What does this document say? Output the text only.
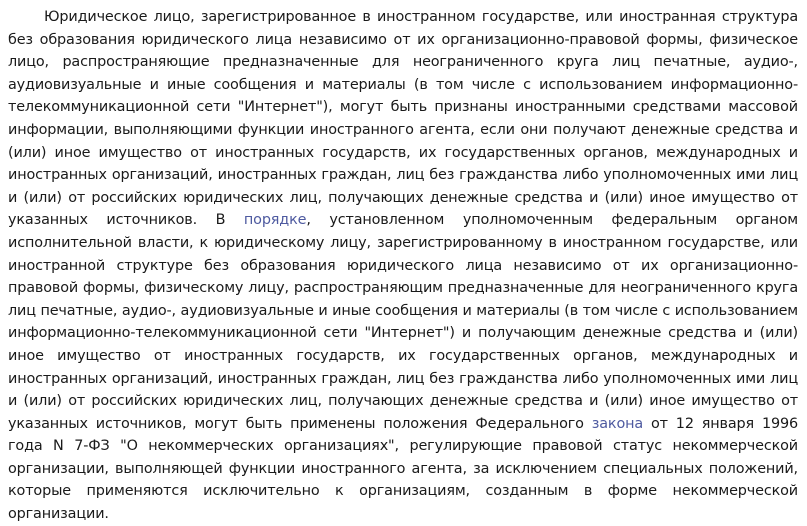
Юридическое лицо, зарегистрированное в иностранном государстве, или иностранная структура без образования юридического лица независимо от их организационно-правовой формы, физическое лицо, распространяющие предназначенные для неограниченного круга лиц печатные, аудио-, аудиовизуальные и иные сообщения и материалы (в том числе с использованием информационно-телекоммуникационной сети "Интернет"), могут быть признаны иностранными средствами массовой информации, выполняющими функции иностранного агента, если они получают денежные средства и (или) иное имущество от иностранных государств, их государственных органов, международных и иностранных организаций, иностранных граждан, лиц без гражданства либо уполномоченных ими лиц и (или) от российских юридических лиц, получающих денежные средства и (или) иное имущество от указанных источников. В порядке, установленном уполномоченным федеральным органом исполнительной власти, к юридическому лицу, зарегистрированному в иностранном государстве, или иностранной структуре без образования юридического лица независимо от их организационно-правовой формы, физическому лицу, распространяющим предназначенные для неограниченного круга лиц печатные, аудио-, аудиовизуальные и иные сообщения и материалы (в том числе с использованием информационно-телекоммуникационной сети "Интернет") и получающим денежные средства и (или) иное имущество от иностранных государств, их государственных органов, международных и иностранных организаций, иностранных граждан, лиц без гражданства либо уполномоченных ими лиц и (или) от российских юридических лиц, получающих денежные средства и (или) иное имущество от указанных источников, могут быть применены положения Федерального закона от 12 января 1996 года N 7-ФЗ "О некоммерческих организациях", регулирующие правовой статус некоммерческой организации, выполняющей функции иностранного агента, за исключением специальных положений, которые применяются исключительно к организациям, созданным в форме некоммерческой организации.
